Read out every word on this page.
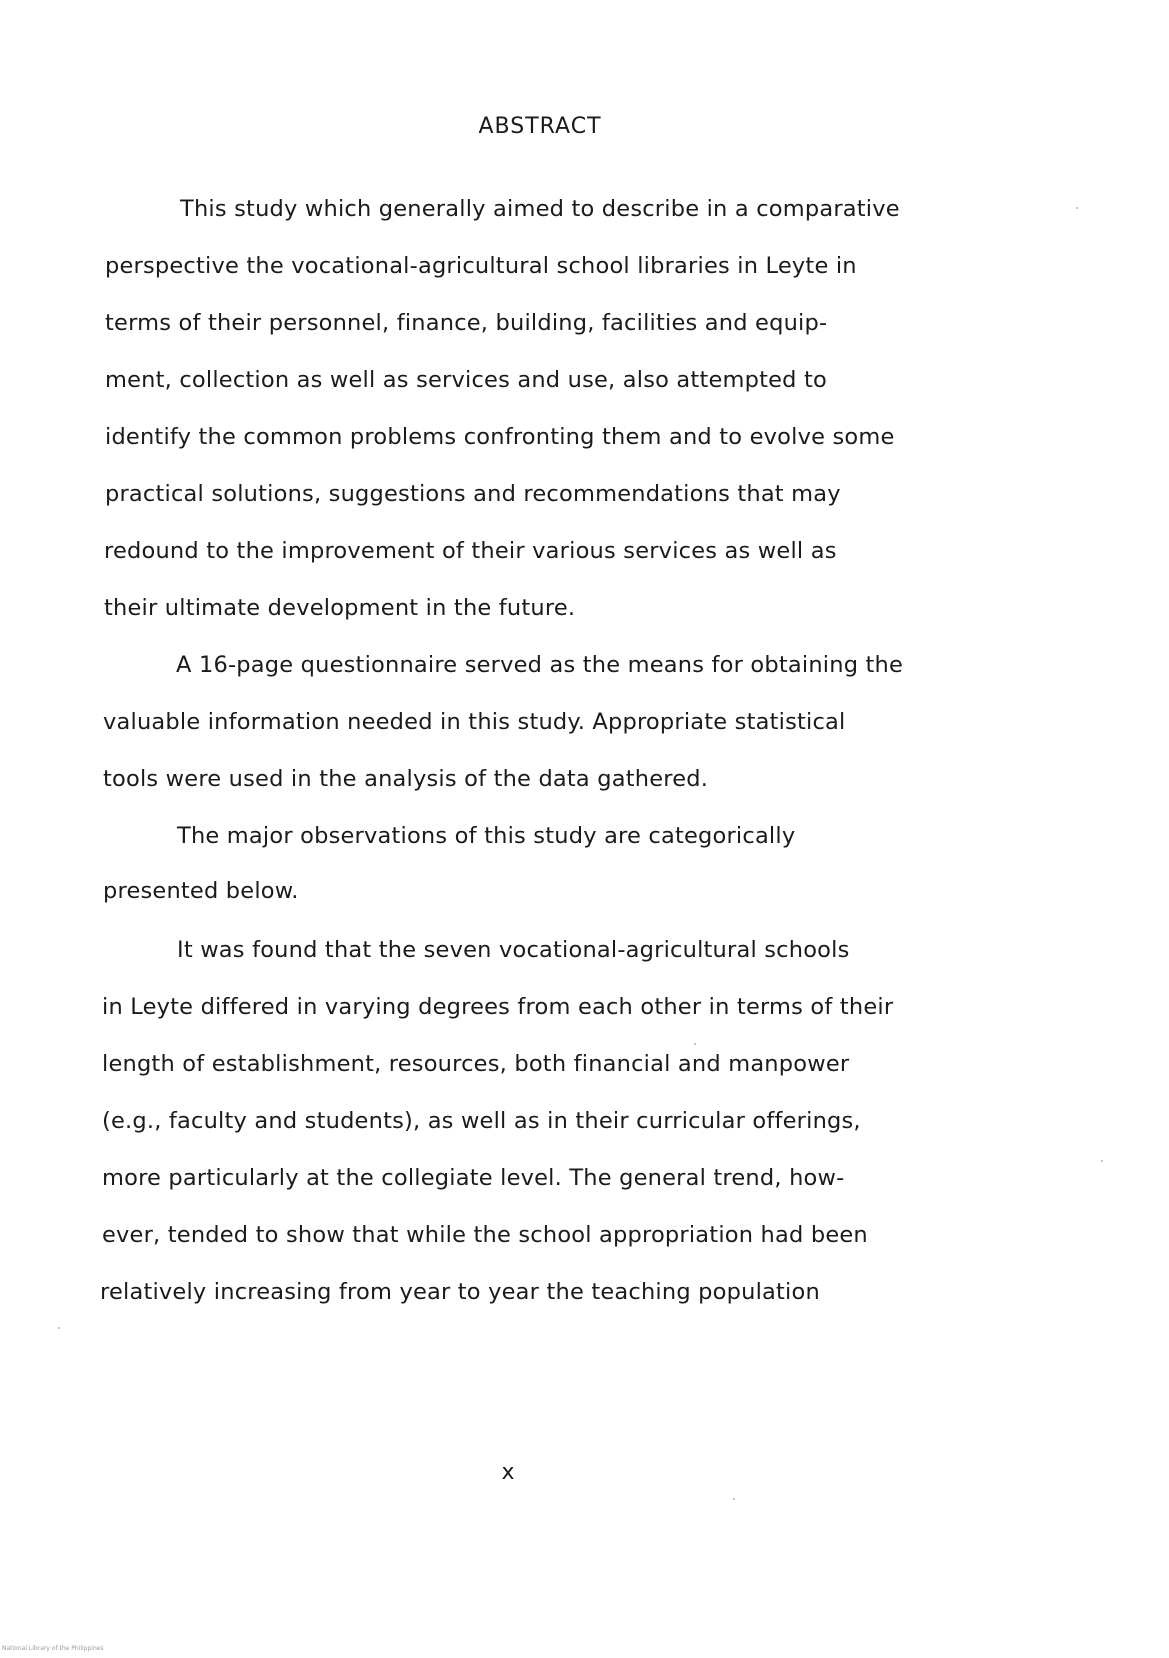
ABSTRACT
This study which generally aimed to describe in a comparative
perspective the vocational-agricultural school libraries in Leyte in
terms of their personnel, finance, building, facilities and equip-
ment, collection as well as services and use, also attempted to
identify the common problems confronting them and to evolve some
practical solutions, suggestions and recommendations that may
redound to the improvement of their various services as well as
their ultimate development in the future.
A 16-page questionnaire served as the means for obtaining the
valuable information needed in this study. Appropriate statistical
tools were used in the analysis of the data gathered.
The major observations of this study are categorically
presented below.
It was found that the seven vocational-agricultural schools
in Leyte differed in varying degrees from each other in terms of their
length of establishment, resources, both financial and manpower
(e.g., faculty and students), as well as in their curricular offerings,
more particularly at the collegiate level. The general trend, how-
ever, tended to show that while the school appropriation had been
relatively increasing from year to year the teaching population
x
National Library of the Philippines
